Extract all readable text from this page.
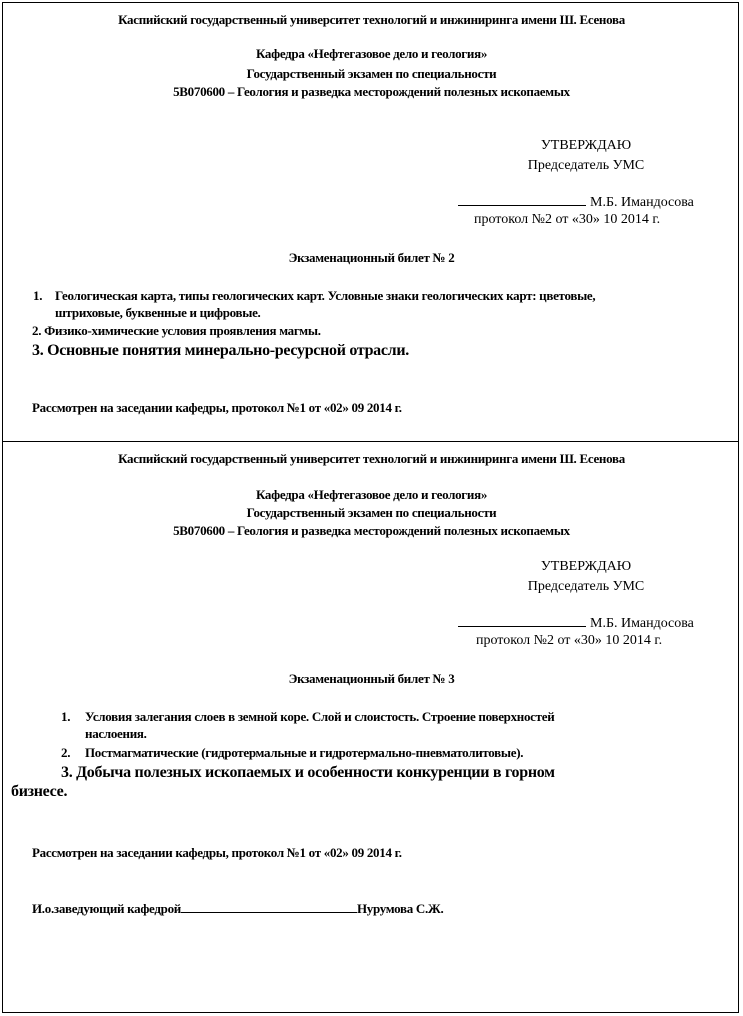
Каспийский государственный университет технологий и инжиниринга имени Ш. Есенова
Кафедра «Нефтегазовое дело и геология»
Государственный экзамен по специальности
5В070600 – Геология и разведка месторождений полезных ископаемых
УТВЕРЖДАЮ
Председатель УМС
М.Б. Имандосова
протокол №2 от «30» 10 2014 г.
Экзаменационный билет № 2
1. Геологическая карта, типы геологических карт. Условные знаки геологических карт: цветовые,
штриховые, буквенные и цифровые.
2. Физико-химические условия проявления магмы.
3. Основные понятия минерально-ресурсной отрасли.
Рассмотрен на заседании кафедры, протокол №1 от «02» 09 2014 г.
Каспийский государственный университет технологий и инжиниринга имени Ш. Есенова
Кафедра «Нефтегазовое дело и геология»
Государственный экзамен по специальности
5В070600 – Геология и разведка месторождений полезных ископаемых
УТВЕРЖДАЮ
Председатель УМС
М.Б. Имандосова
протокол №2 от «30» 10 2014 г.
Экзаменационный билет № 3
1. Условия залегания слоев в земной коре. Слой и слоистость. Строение поверхностей
наслоения.
2. Постмагматические (гидротермальные и гидротермально-пневматолитовые).
3. Добыча полезных ископаемых и особенности конкуренции в горном
бизнесе.
Рассмотрен на заседании кафедры, протокол №1 от «02» 09 2014 г.
И.о.заведующий кафедрой	Нурумова С.Ж.
